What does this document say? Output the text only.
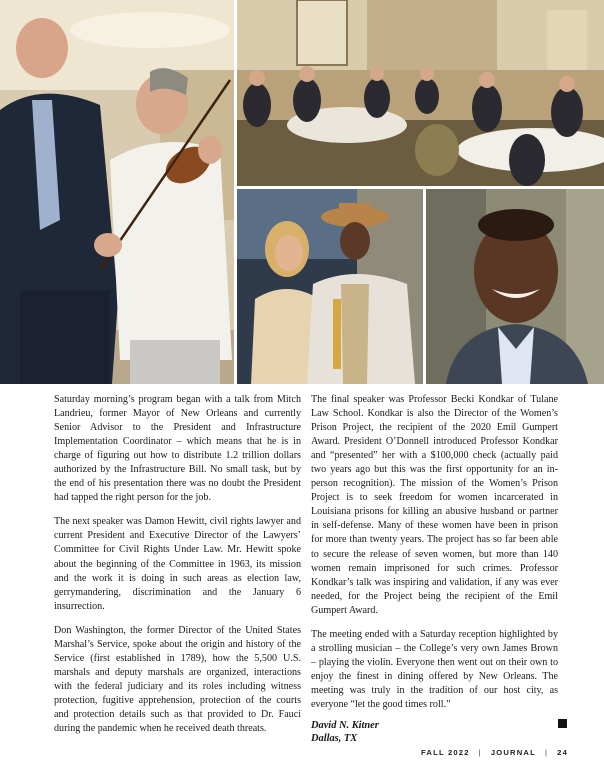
Saturday morning’s program began with a talk from Mitch Landrieu, former Mayor of New Orleans and currently Senior Advisor to the President and Infrastructure Implementation Coordinator – which means that he is in charge of figuring out how to distribute 1.2 trillion dollars authorized by the Infrastructure Bill. No small task, but by the end of his presentation there was no doubt the President had tapped the right person for the job.

The next speaker was Damon Hewitt, civil rights lawyer and current President and Executive Director of the Lawyers’ Committee for Civil Rights Under Law. Mr. Hewitt spoke about the beginning of the Committee in 1963, its mission and the work it is doing in such areas as election law, gerrymandering, discrimination and the January 6 insurrection.

Don Washington, the former Director of the United States Marshal’s Service, spoke about the origin and history of the Service (first established in 1789), how the 5,500 U.S. marshals and deputy marshals are organized, interactions with the federal judiciary and its roles including witness protection, fugitive apprehension, protection of the courts and protection details such as that provided to Dr. Fauci during the pandemic when he received death threats.

The final speaker was Professor Becki Kondkar of Tulane Law School. Kondkar is also the Director of the Women’s Prison Project, the recipient of the 2020 Emil Gumpert Award. President O’Donnell introduced Professor Kondkar and “presented” her with a $100,000 check (actually paid two years ago but this was the first opportunity for an in-person recognition). The mission of the Women’s Prison Project is to seek freedom for women incarcerated in Louisiana prisons for killing an abusive husband or partner in self-defense. Many of these women have been in prison for more than twenty years. The project has so far been able to secure the release of seven women, but more than 140 women remain imprisoned for such crimes. Professor Kondkar’s talk was inspiring and validation, if any was ever needed, for the Project being the recipient of the Emil Gumpert Award.

The meeting ended with a Saturday reception highlighted by a strolling musician – the College’s very own James Brown – playing the violin. Everyone then went out on their own to enjoy the finest in dining offered by New Orleans. The meeting was truly in the tradition of our host city, as everyone “let the good times roll.”

David N. Kitner
Dallas, TX
FALL 2022 | JOURNAL | 24
